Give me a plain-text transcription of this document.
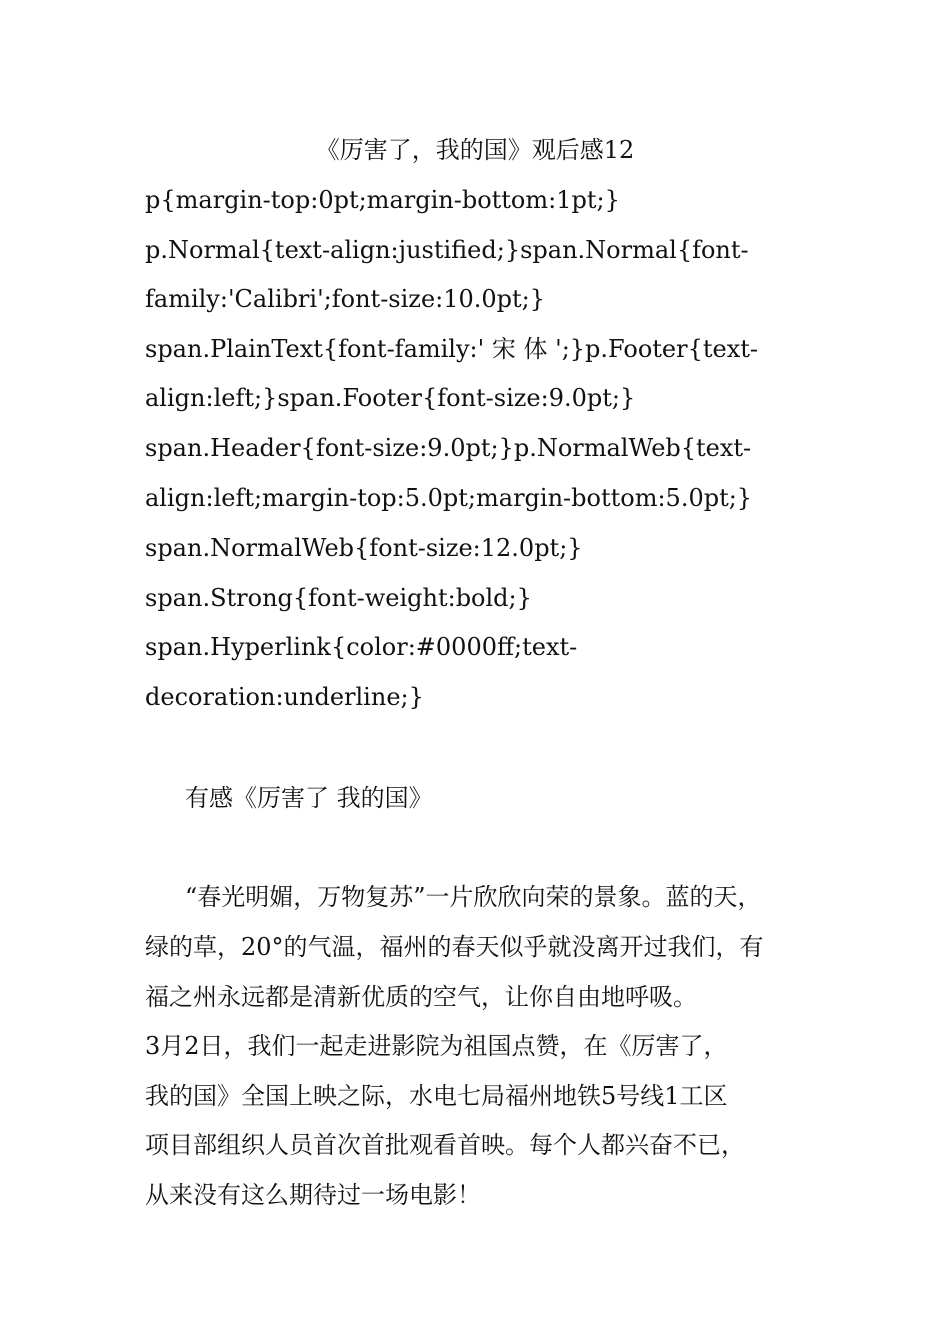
《厉害了，我的国》观后感12

p{margin-top:0pt;margin-bottom:1pt;}

p.Normal{text-align:justified;}span.Normal{font-

family:'Calibri';font-size:10.0pt;}

span.PlainText{font-family:' 宋 体 ';}p.Footer{text-

align:left;}span.Footer{font-size:9.0pt;}

span.Header{font-size:9.0pt;}p.NormalWeb{text-

align:left;margin-top:5.0pt;margin-bottom:5.0pt;}

span.NormalWeb{font-size:12.0pt;}

span.Strong{font-weight:bold;}

span.Hyperlink{color:#0000ff;text-

decoration:underline;}

有感《厉害了 我的国》

“春光明媚，万物复苏”一片欣欣向荣的景象。蓝的天，

绿的草，20°的气温，福州的春天似乎就没离开过我们，有

福之州永远都是清新优质的空气，让你自由地呼吸。

3月2日，我们一起走进影院为祖国点赞，在《厉害了，

我的国》全国上映之际，水电七局福州地铁5号线1工区

项目部组织人员首次首批观看首映。每个人都兴奋不已，

从来没有这么期待过一场电影！
